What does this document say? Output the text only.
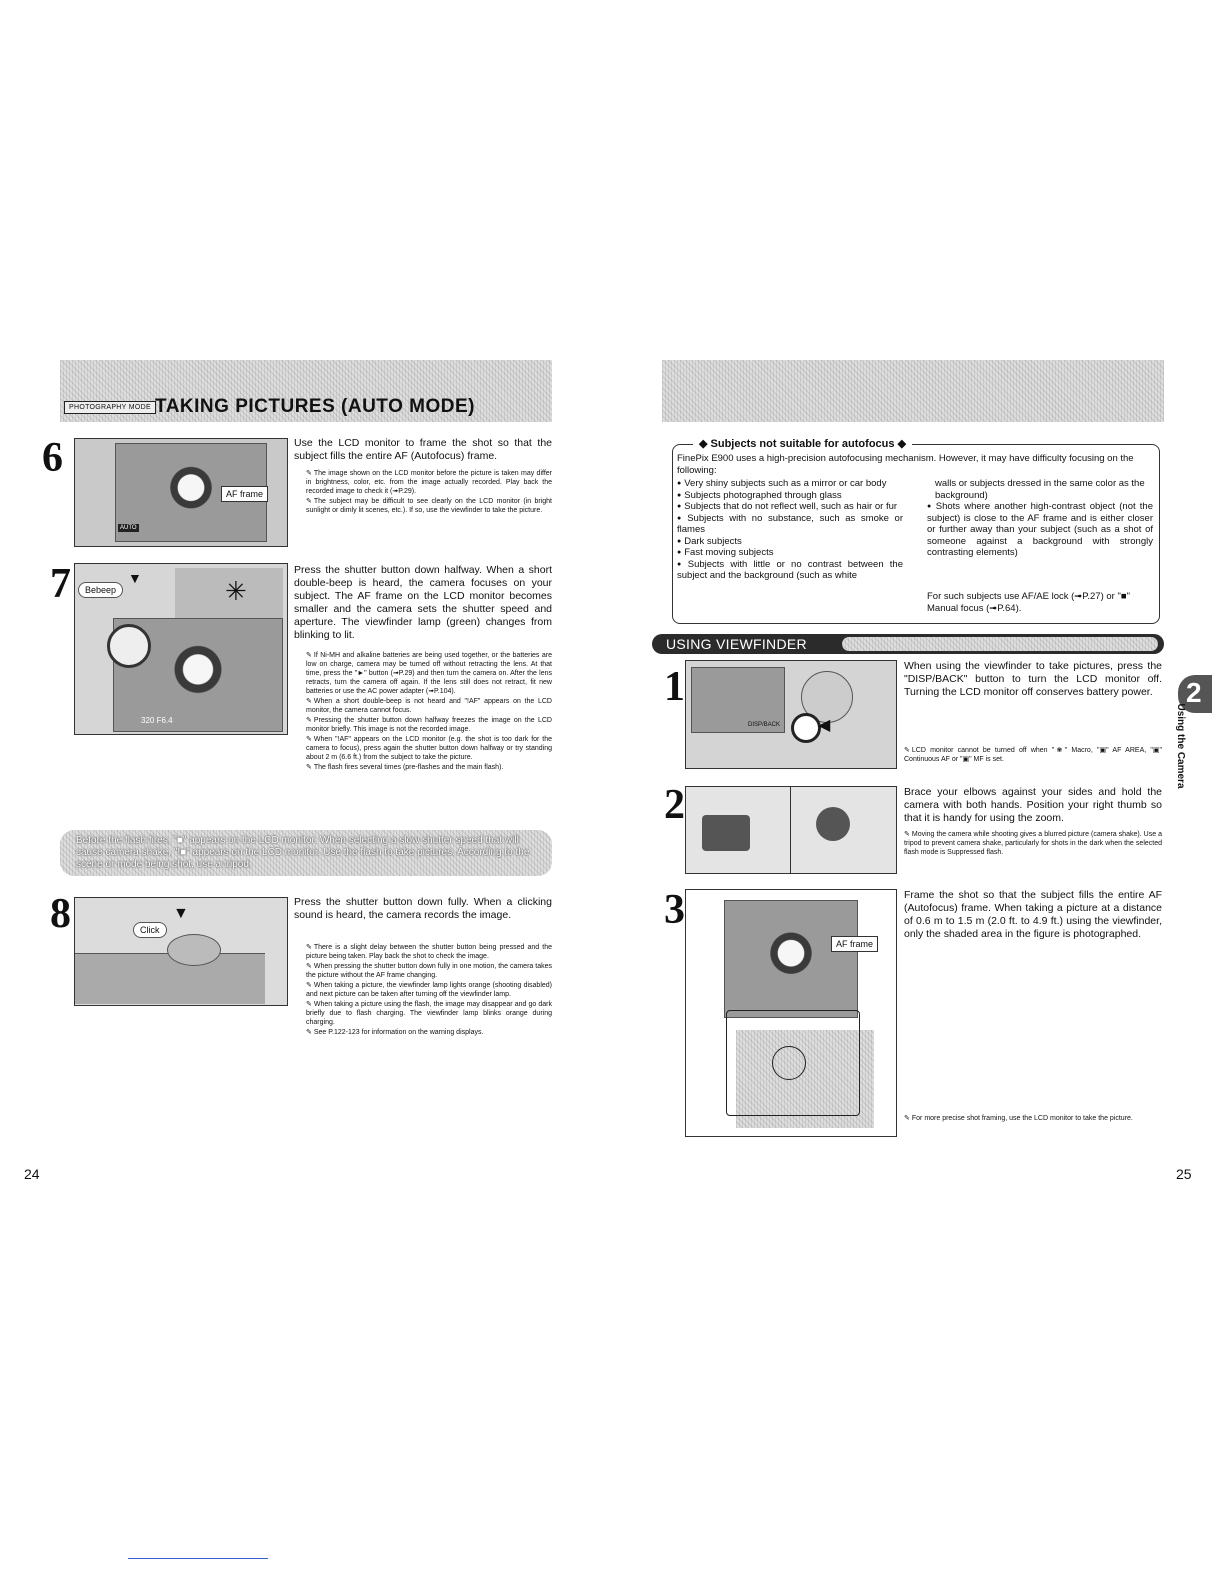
PHOTOGRAPHY MODE TAKING PICTURES (AUTO MODE)
6
AUTO
AF frame
Use the LCD monitor to frame the shot so that the subject fills the entire AF (Autofocus) frame.

✎ The image shown on the LCD monitor before the picture is taken may differ in brightness, color, etc. from the image actually recorded. Play back the recorded image to check it (➟P.29).

✎ The subject may be difficult to see clearly on the LCD monitor (in bright sunlight or dimly lit scenes, etc.). If so, use the viewfinder to take the picture.

7	✳
320 F6.4
Bebeep
▼	Press the shutter button down halfway. When a short double-beep is heard, the camera focuses on your subject. The AF frame on the LCD monitor becomes smaller and the camera sets the shutter speed and aperture. The viewfinder lamp (green) changes from blinking to lit.

✎ If Ni-MH and alkaline batteries are being used together, or the batteries are low on charge, camera may be turned off without retracting the lens. At that time, press the "►" button (➟P.29) and then turn the camera on. After the lens retracts, turn the camera off again. If the lens still does not retract, fit new batteries or use the AC power adapter (➟P.104).

✎ When a short double-beep is not heard and "!AF" appears on the LCD monitor, the camera cannot focus.

✎ Pressing the shutter button down halfway freezes the image on the LCD monitor briefly. This image is not the recorded image.

✎ When "!AF" appears on the LCD monitor (e.g. the shot is too dark for the camera to focus), press again the shutter button down halfway or try standing about 2 m (6.6 ft.) from the subject to take the picture.

✎ The flash fires several times (pre-flashes and the main flash).

Before the flash fires, "■" appears on the LCD monitor. When selecting a slow shutter speed that will cause camera shake, "!■" appears on the LCD monitor. Use the flash to take pictures. According to the scene or mode being shot, use a tripod.
8	Click
▼
Press the shutter button down fully. When a clicking sound is heard, the camera records the image.

✎ There is a slight delay between the shutter button being pressed and the picture being taken. Play back the shot to check the image.

✎ When pressing the shutter button down fully in one motion, the camera takes the picture without the AF frame changing.

✎ When taking a picture, the viewfinder lamp lights orange (shooting disabled) and next picture can be taken after turning off the viewfinder lamp.

✎ When taking a picture using the flash, the image may disappear and go dark briefly due to flash charging. The viewfinder lamp blinks orange during charging.

✎ See P.122-123 for information on the warning displays.

24
◆ Subjects not suitable for autofocus ◆
FinePix E900 uses a high-precision autofocusing mechanism. However, it may have difficulty focusing on the following:
● Very shiny subjects such as a mirror or car body
● Subjects photographed through glass
● Subjects that do not reflect well, such as hair or fur
● Subjects with no substance, such as smoke or flames
● Dark subjects
● Fast moving subjects
● Subjects with little or no contrast between the subject and the background (such as white
walls or subjects dressed in the same color as the background)
● Shots where another high-contrast object (not the subject) is close to the AF frame and is either closer or further away than your subject (such as a shot of someone against a background with strongly contrasting elements)
For such subjects use AF/AE lock (➟P.27) or "■" Manual focus (➟P.64).
USING VIEWFINDER
2
Using the Camera
1
DISP/BACK ◀
When using the viewfinder to take pictures, press the "DISP/BACK" button to turn the LCD monitor off. Turning the LCD monitor off conserves battery power.
✎ LCD monitor cannot be turned off when "❀" Macro, "▣" AF AREA, "▣" Continuous AF or "▣" MF is set.
2	Brace your elbows against your sides and hold the camera with both hands. Position your right thumb so that it is handy for using the zoom.
✎ Moving the camera while shooting gives a blurred picture (camera shake). Use a tripod to prevent camera shake, particularly for shots in the dark when the selected flash mode is Suppressed flash.
3
AF frame
Frame the shot so that the subject fills the entire AF (Autofocus) frame. When taking a picture at a distance of 0.6 m to 1.5 m (2.0 ft. to 4.9 ft.) using the viewfinder, only the shaded area in the figure is photographed.
✎ For more precise shot framing, use the LCD monitor to take the picture.
25
